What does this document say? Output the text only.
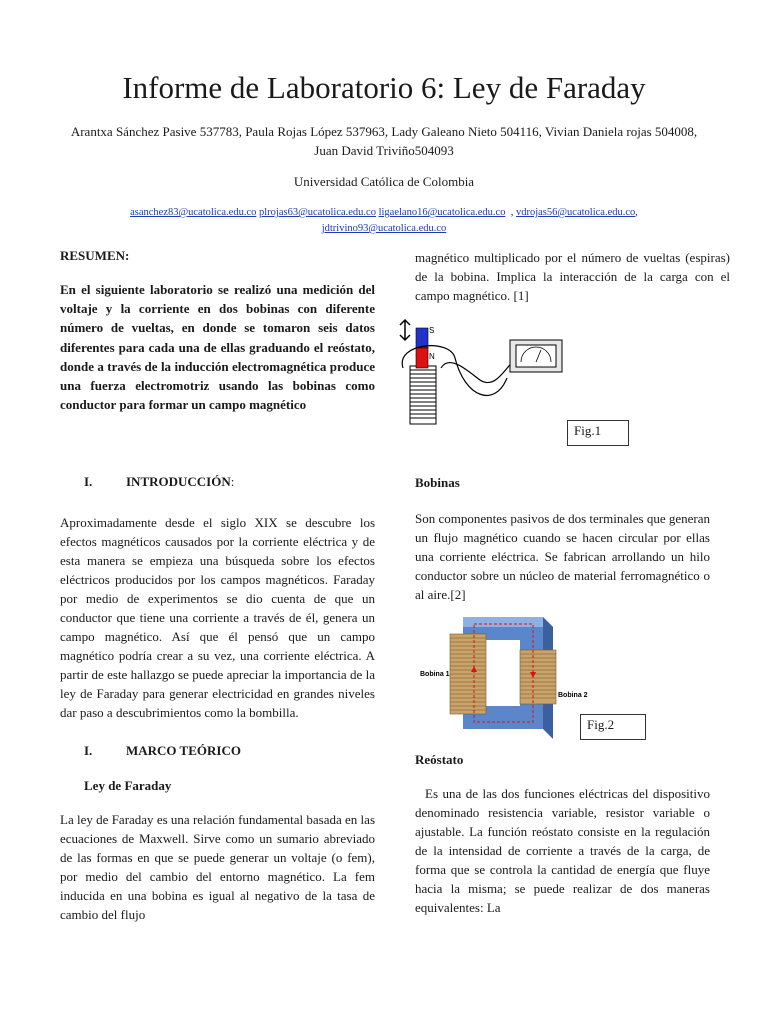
Informe de Laboratorio 6: Ley de Faraday
Arantxa Sánchez Pasive 537783, Paula Rojas López 537963, Lady Galeano Nieto 504116, Vivian Daniela rojas 504008, Juan David Triviño504093
Universidad Católica de Colombia
asanchez83@ucatolica.edu.co plrojas63@ucatolica.edu.co ligaelano16@ucatolica.edu.co , vdrojas56@ucatolica.edu.co,
jdtrivino93@ucatolica.edu.co
RESUMEN:

En el siguiente laboratorio se realizó una medición del voltaje y la corriente en dos bobinas con diferente número de vueltas, en donde se tomaron seis datos diferentes para cada una de ellas graduando el reóstato, donde a través de la inducción electromagnética produce una fuerza electromotriz usando las bobinas como conductor para formar un campo magnético

I.	INTRODUCCIÓN:

Aproximadamente desde el siglo XIX se descubre los efectos magnéticos causados por la corriente eléctrica y de esta manera se empieza una búsqueda sobre los efectos eléctricos producidos por los campos magnéticos. Faraday por medio de experimentos se dio cuenta de que un conductor que tiene una corriente a través de él, genera un campo magnético. Así que él pensó que un campo magnético podría crear a su vez, una corriente eléctrica. A partir de este hallazgo se puede apreciar la importancia de la ley de Faraday para generar electricidad en grandes niveles dar paso a descubrimientos como la bombilla.

I.	MARCO TEÓRICO
Ley de Faraday

La ley de Faraday es una relación fundamental basada en las ecuaciones de Maxwell. Sirve como un sumario abreviado de las formas en que se puede generar un voltaje (o fem), por medio del cambio del entorno magnético. La fem inducida en una bobina es igual al negativo de la tasa de cambio del flujo

magnético multiplicado por el número de vueltas (espiras) de la bobina. Implica la interacción de la carga con el campo magnético. [1]

S
N
Fig.1
Bobinas

Son componentes pasivos de dos terminales que generan un flujo magnético cuando se hacen circular por ellas una corriente eléctrica. Se fabrican arrollando un hilo conductor sobre un núcleo de material ferromagnético o al aire.[2]

Bobina 1
Bobina 2
Fig.2
Reóstato

Es una de las dos funciones eléctricas del dispositivo denominado resistencia variable, resistor variable o ajustable. La función reóstato consiste en la regulación de la intensidad de corriente a través de la carga, de forma que se controla la cantidad de energía que fluye hacia la misma; se puede realizar de dos maneras equivalentes: La
